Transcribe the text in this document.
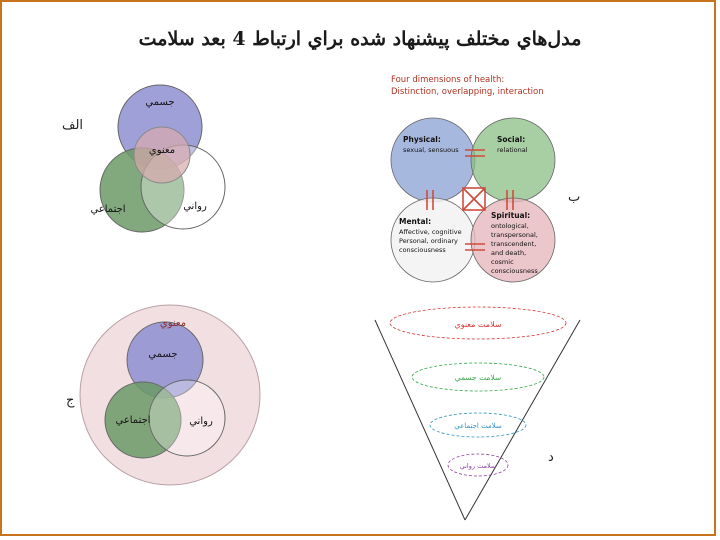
مدل‌هاي مختلف پيشنهاد شده براي ارتباط 4 بعد سلامت
الف
ب
ج
د
جسمي
معنوي
اجتماعي	رواني
Four dimensions of health:
Distinction, overlapping, interaction
Physical:
sexual, sensuous
Social:
relational
Mental:
Affective, cognitive
Personal, ordinary
consciousness
Spiritual:
ontological,
transpersonal,
transcendent,
and death,
cosmic
consciousness
معنوي
جسمي
اجتماعي	رواني
سلامت معنوي
سلامت جسمي
سلامت اجتماعي
سلامت رواني
